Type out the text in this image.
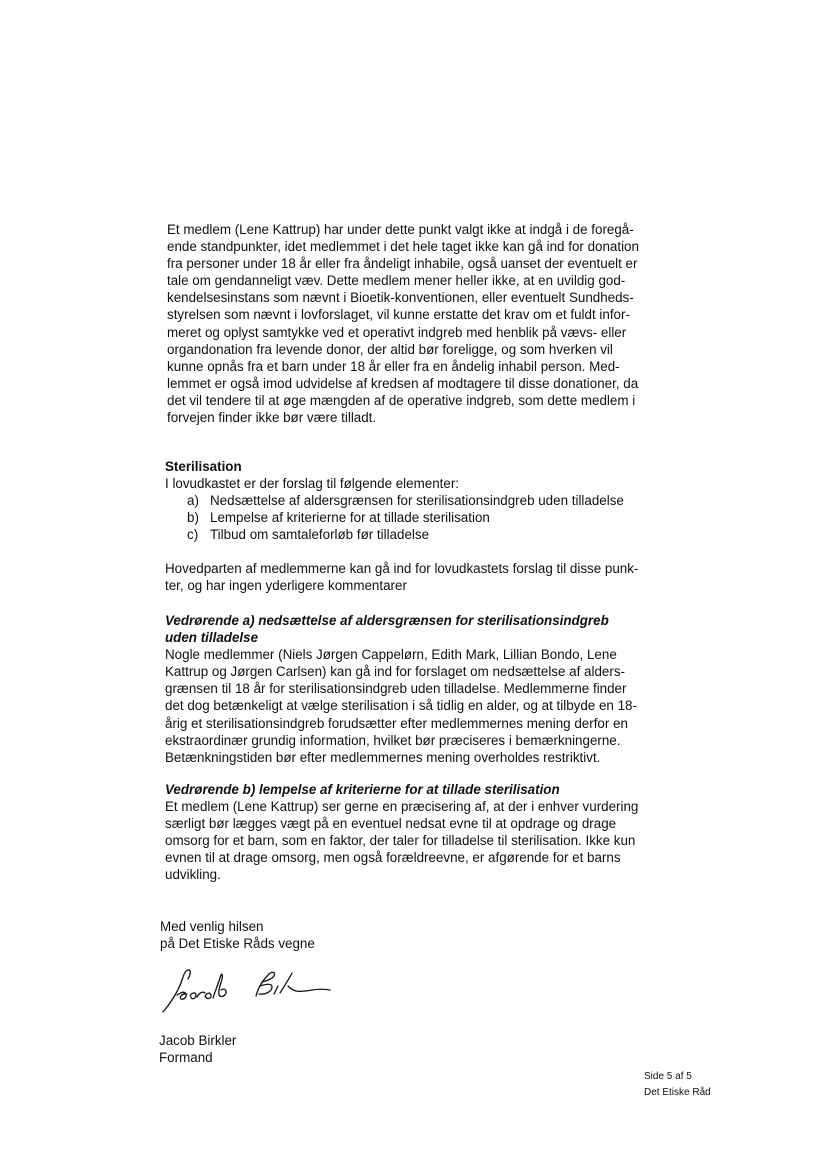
Et medlem (Lene Kattrup) har under dette punkt valgt ikke at indgå i de foregå-
ende standpunkter, idet medlemmet i det hele taget ikke kan gå ind for donation
fra personer under 18 år eller fra åndeligt inhabile, også uanset der eventuelt er
tale om gendanneligt væv. Dette medlem mener heller ikke, at en uvildig god-
kendelsesinstans som nævnt i Bioetik-konventionen, eller eventuelt Sundheds-
styrelsen som nævnt i lovforslaget, vil kunne erstatte det krav om et fuldt infor-
meret og oplyst samtykke ved et operativt indgreb med henblik på vævs- eller
organdonation fra levende donor, der altid bør foreligge, og som hverken vil
kunne opnås fra et barn under 18 år eller fra en åndelig inhabil person. Med-
lemmet er også imod udvidelse af kredsen af modtagere til disse donationer, da
det vil tendere til at øge mængden af de operative indgreb, som dette medlem i
forvejen finder ikke bør være tilladt.
Sterilisation
I lovudkastet er der forslag til følgende elementer:
a) Nedsættelse af aldersgrænsen for sterilisationsindgreb uden tilladelse
b) Lempelse af kriterierne for at tillade sterilisation
c) Tilbud om samtaleforløb før tilladelse
Hovedparten af medlemmerne kan gå ind for lovudkastets forslag til disse punk-
ter, og har ingen yderligere kommentarer
Vedrørende a) nedsættelse af aldersgrænsen for sterilisationsindgreb
uden tilladelse
Nogle medlemmer (Niels Jørgen Cappelørn, Edith Mark, Lillian Bondo, Lene
Kattrup og Jørgen Carlsen) kan gå ind for forslaget om nedsættelse af alders-
grænsen til 18 år for sterilisationsindgreb uden tilladelse. Medlemmerne finder
det dog betænkeligt at vælge sterilisation i så tidlig en alder, og at tilbyde en 18-
årig et sterilisationsindgreb forudsætter efter medlemmernes mening derfor en
ekstraordinær grundig information, hvilket bør præciseres i bemærkningerne.
Betænkningstiden bør efter medlemmernes mening overholdes restriktivt.
Vedrørende b) lempelse af kriterierne for at tillade sterilisation
Et medlem (Lene Kattrup) ser gerne en præcisering af, at der i enhver vurdering
særligt bør lægges vægt på en eventuel nedsat evne til at opdrage og drage
omsorg for et barn, som en faktor, der taler for tilladelse til sterilisation. Ikke kun
evnen til at drage omsorg, men også forældreevne, er afgørende for et barns
udvikling.
Med venlig hilsen
på Det Etiske Råds vegne
Jacob Birkler
Formand
Side 5 af 5
Det Etiske Råd
